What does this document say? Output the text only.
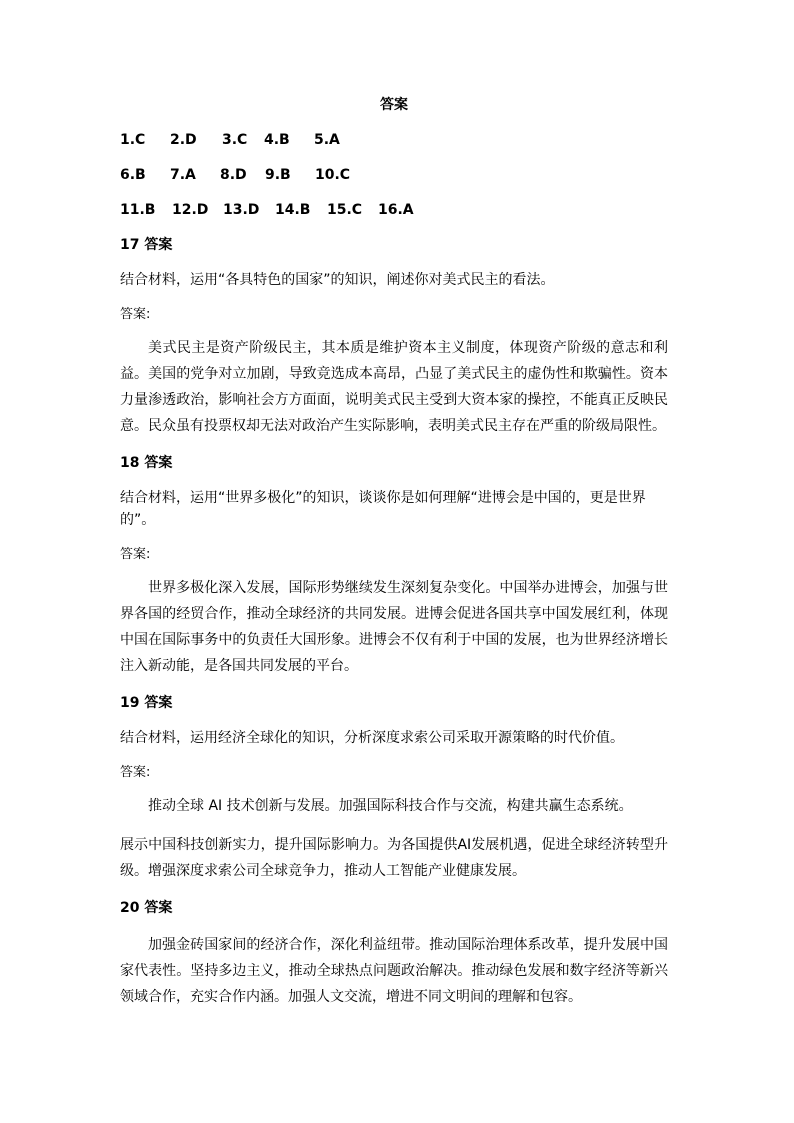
答案
1.C	2.D	3.C	4.B	5.A
6.B	7.A	8.D	9.B	10.C
11.B	12.D	13.D	14.B	15.C	16.A
17 答案
结合材料，运用“各具特色的国家”的知识，阐述你对美式民主的看法。
答案:
美式民主是资产阶级民主，其本质是维护资本主义制度，体现资产阶级的意志和利益。美国的党争对立加剧，导致竞选成本高昂，凸显了美式民主的虚伪性和欺骗性。资本力量渗透政治，影响社会方方面面，说明美式民主受到大资本家的操控，不能真正反映民意。民众虽有投票权却无法对政治产生实际影响，表明美式民主存在严重的阶级局限性。
18 答案
结合材料，运用“世界多极化”的知识，谈谈你是如何理解“进博会是中国的，更是世界的”。
答案:
世界多极化深入发展，国际形势继续发生深刻复杂变化。中国举办进博会，加强与世界各国的经贸合作，推动全球经济的共同发展。进博会促进各国共享中国发展红利，体现中国在国际事务中的负责任大国形象。进博会不仅有利于中国的发展，也为世界经济增长注入新动能，是各国共同发展的平台。
19 答案
结合材料，运用经济全球化的知识，分析深度求索公司采取开源策略的时代价值。
答案:
推动全球 AI 技术创新与发展。加强国际科技合作与交流，构建共赢生态系统。
展示中国科技创新实力，提升国际影响力。为各国提供AI发展机遇，促进全球经济转型升级。增强深度求索公司全球竞争力，推动人工智能产业健康发展。
20 答案
加强金砖国家间的经济合作，深化利益纽带。推动国际治理体系改革，提升发展中国家代表性。坚持多边主义，推动全球热点问题政治解决。推动绿色发展和数字经济等新兴领域合作，充实合作内涵。加强人文交流，增进不同文明间的理解和包容。
